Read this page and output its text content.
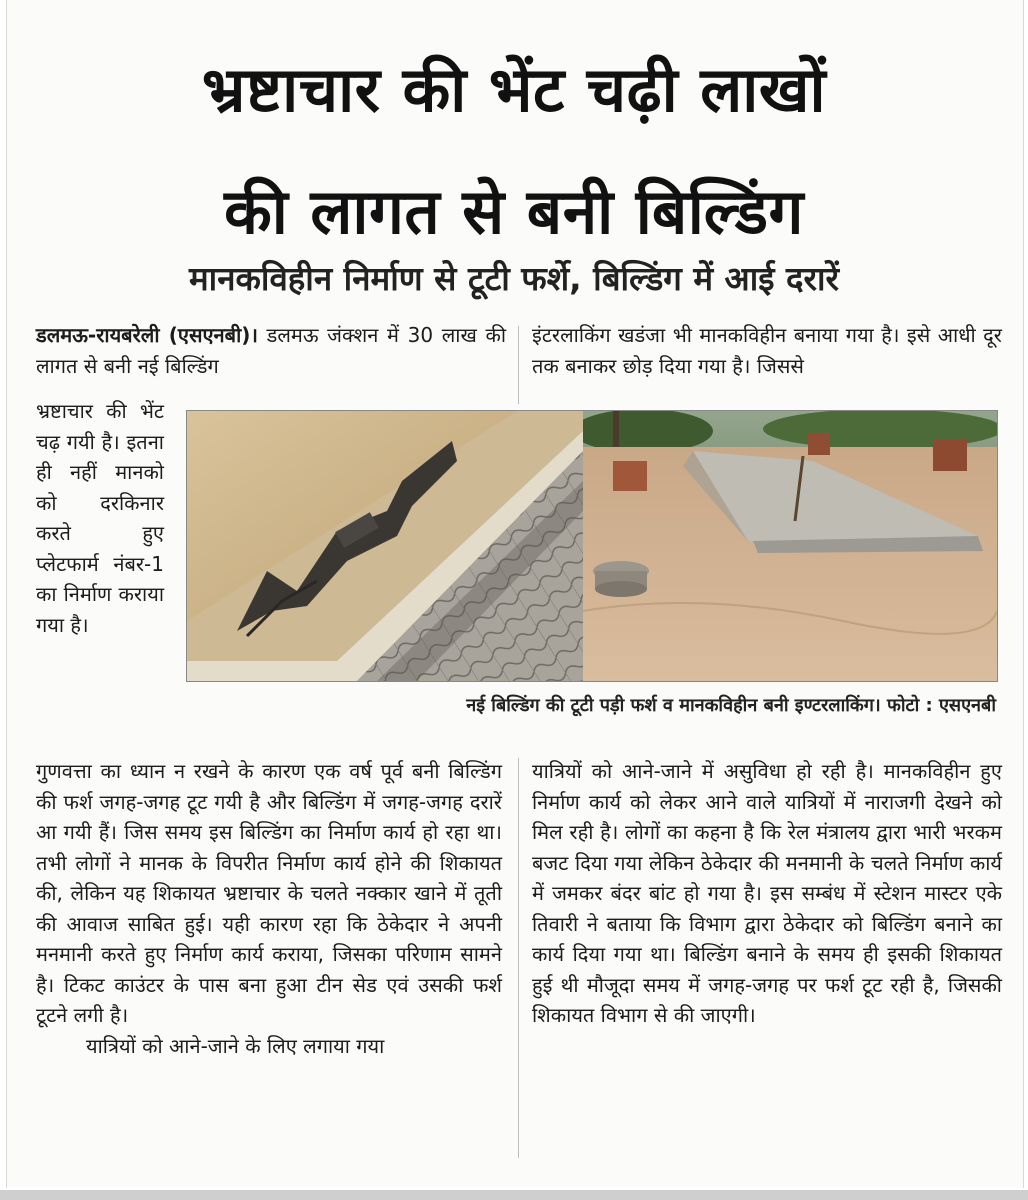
भ्रष्टाचार की भेंट चढ़ी लाखों
की लागत से बनी बिल्डिंग
मानकविहीन निर्माण से टूटी फर्शे, बिल्डिंग में आई दरारें

डलमऊ-रायबरेली (एसएनबी)। डलमऊ जंक्शन में 30 लाख की लागत से बनी नई बिल्डिंग

भ्रष्टाचार की भेंट चढ़ गयी है। इतना ही नहीं मानको को दरकिनार करते हुए प्लेटफार्म नंबर-1 का निर्माण कराया गया है।

इंटरलाकिंग खडंजा भी मानकविहीन बनाया गया है। इसे आधी दूर तक बनाकर छोड़ दिया गया है। जिससे

नई बिल्डिंग की टूटी पड़ी फर्श व मानकविहीन बनी इण्टरलाकिंग। फोटो : एसएनबी

गुणवत्ता का ध्यान न रखने के कारण एक वर्ष पूर्व बनी बिल्डिंग की फर्श जगह-जगह टूट गयी है और बिल्डिंग में जगह-जगह दरारें आ गयी हैं। जिस समय इस बिल्डिंग का निर्माण कार्य हो रहा था। तभी लोगों ने मानक के विपरीत निर्माण कार्य होने की शिकायत की, लेकिन यह शिकायत भ्रष्टाचार के चलते नक्कार खाने में तूती की आवाज साबित हुई। यही कारण रहा कि ठेकेदार ने अपनी मनमानी करते हुए निर्माण कार्य कराया, जिसका परिणाम सामने है। टिकट काउंटर के पास बना हुआ टीन सेड एवं उसकी फर्श टूटने लगी है।

यात्रियों को आने-जाने के लिए लगाया गया

यात्रियों को आने-जाने में असुविधा हो रही है। मानकविहीन हुए निर्माण कार्य को लेकर आने वाले यात्रियों में नाराजगी देखने को मिल रही है। लोगों का कहना है कि रेल मंत्रालय द्वारा भारी भरकम बजट दिया गया लेकिन ठेकेदार की मनमानी के चलते निर्माण कार्य में जमकर बंदर बांट हो गया है। इस सम्बंध में स्टेशन मास्टर एके तिवारी ने बताया कि विभाग द्वारा ठेकेदार को बिल्डिंग बनाने का कार्य दिया गया था। बिल्डिंग बनाने के समय ही इसकी शिकायत हुई थी मौजूदा समय में जगह-जगह पर फर्श टूट रही है, जिसकी शिकायत विभाग से की जाएगी।
